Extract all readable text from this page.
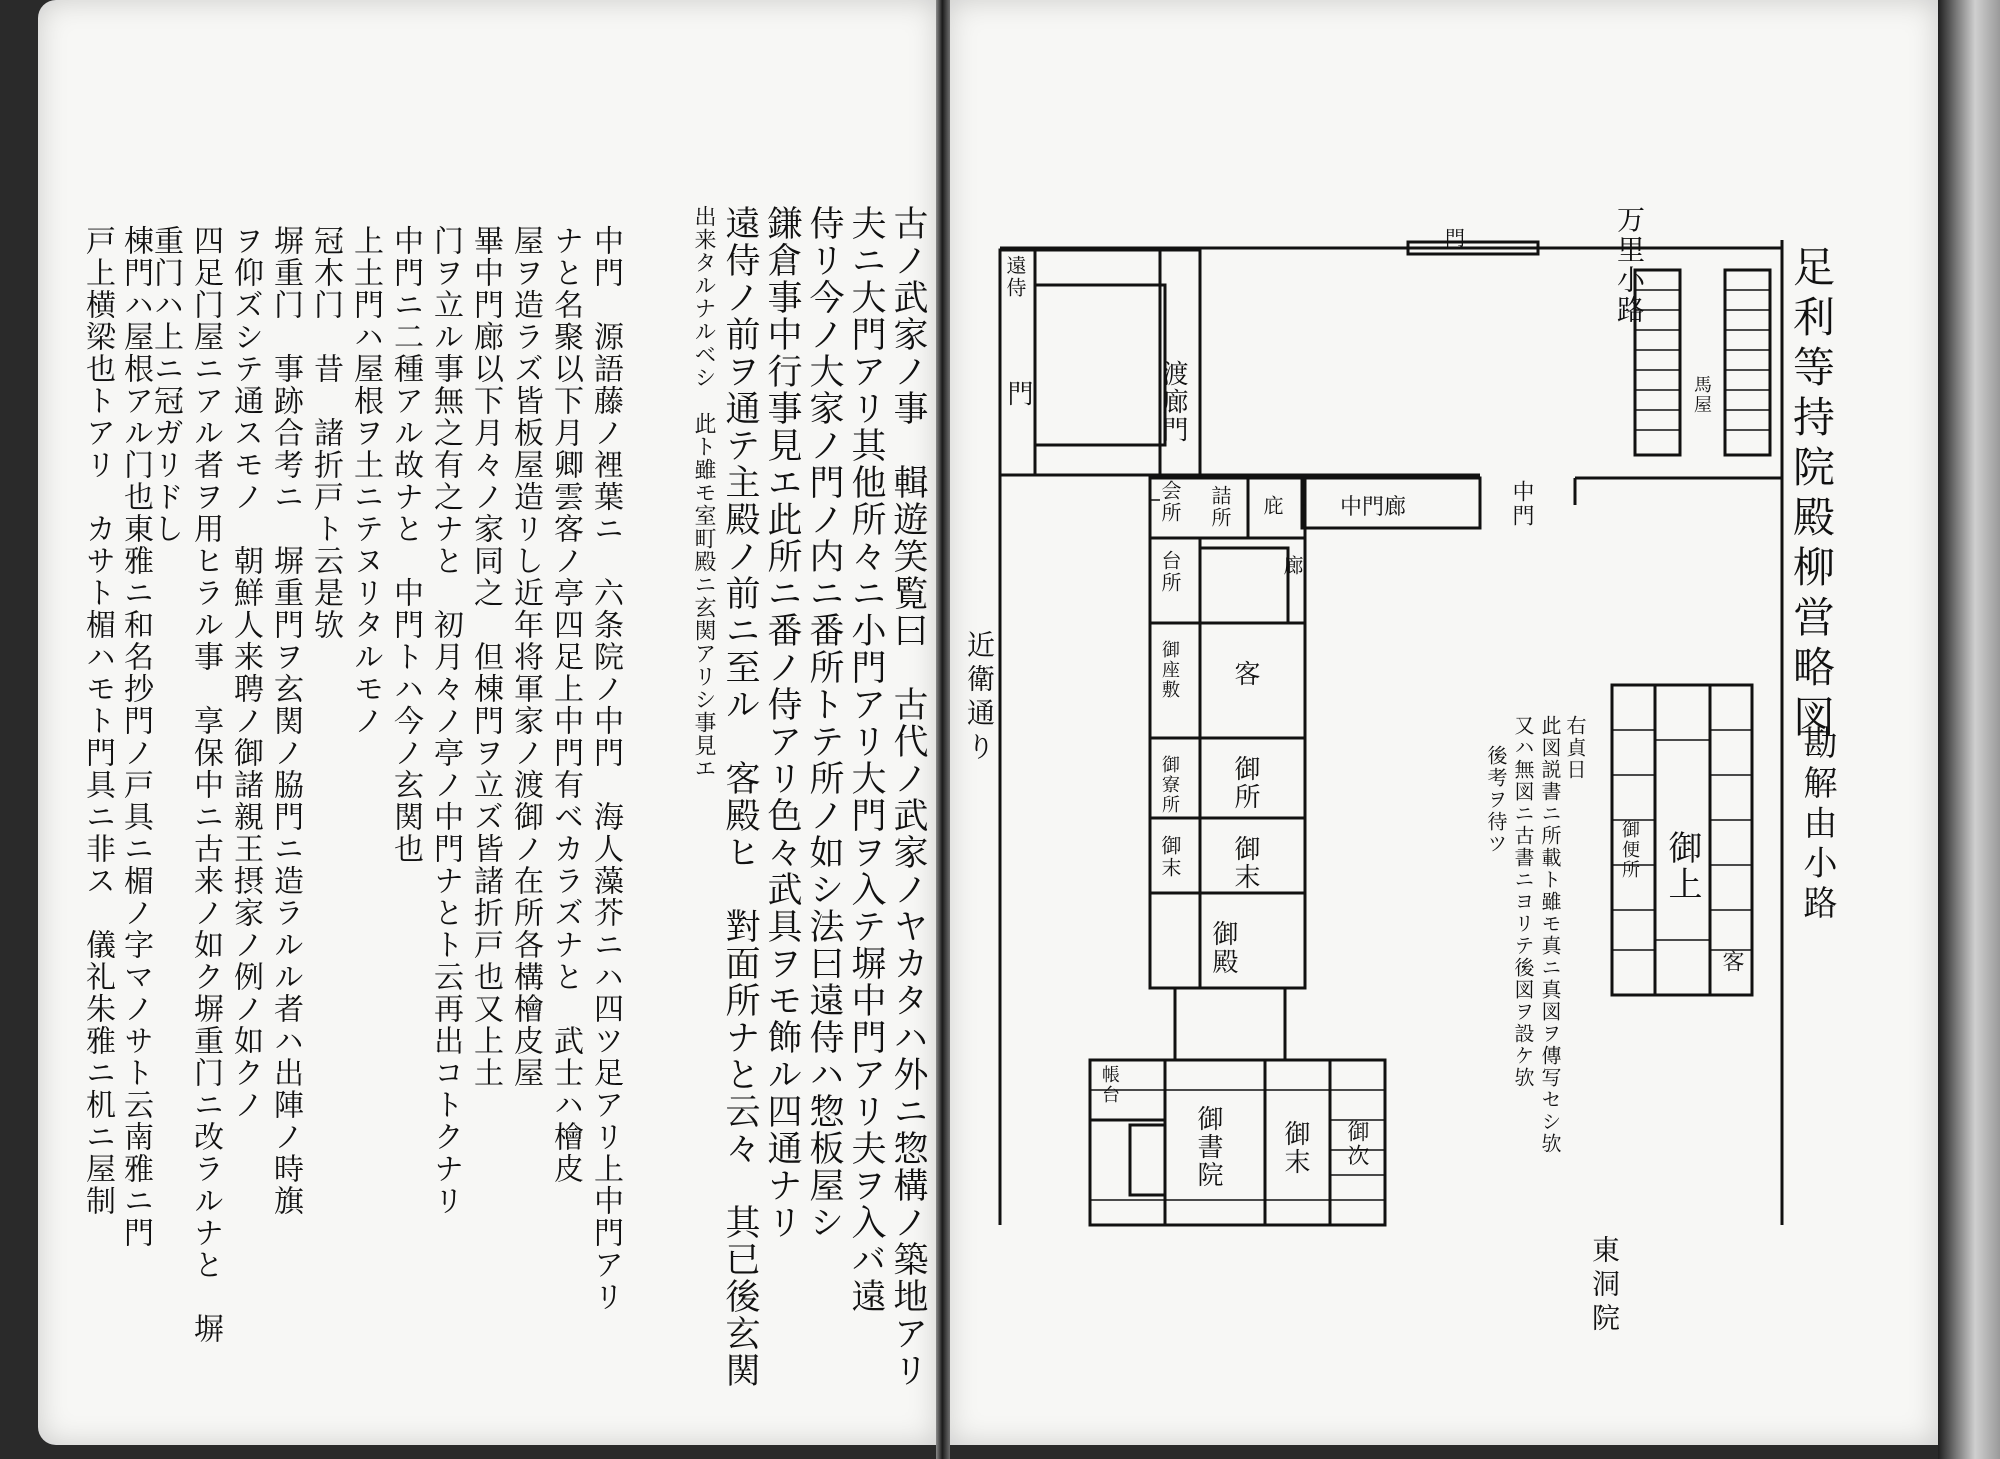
古ノ武家ノ事　輯遊笑覧曰　古代ノ武家ノヤカタハ外ニ惣構ノ築地アリ
夫ニ大門アリ其他所々ニ小門アリ大門ヲ入テ塀中門アリ夫ヲ入バ遠
侍リ今ノ大家ノ門ノ内ニ番所トテ所ノ如シ法曰遠侍ハ惣板屋シ
鎌倉事中行事見エ此所ニ番ノ侍アリ色々武具ヲモ飾ル四通ナリ
遠侍ノ前ヲ通テ主殿ノ前ニ至ル　客殿ヒ　對面所ナと云々　其已後玄関
出来タルナルベシ　此ト雖モ室町殿ニ玄関アリシ事見エ
中門　源語藤ノ裡葉ニ　六条院ノ中門　海人藻芥ニハ四ツ足アリ上中門アリ
ナと名聚以下月卿雲客ノ亭四足上中門有ベカラズナと　武士ハ檜皮
屋ヲ造ラズ皆板屋造リし近年将軍家ノ渡御ノ在所各構檜皮屋
畢中門廊以下月々ノ家同之　但棟門ヲ立ズ皆諸折戸也又上土
门ヲ立ル事無之有之ナと　初月々ノ亭ノ中門ナとト云再出コトクナリ
中門ニ二種アル故ナと　中門トハ今ノ玄関也
上土門ハ屋根ヲ土ニテヌリタルモノ
冠木门　昔　諸折戸ト云是欤
塀重门　事跡合考ニ　塀重門ヲ玄関ノ脇門ニ造ラルル者ハ出陣ノ時旗
ヲ仰ズシテ通スモノ　朝鮮人来聘ノ御諸親王摂家ノ例ノ如クノ
四足门屋ニアル者ヲ用ヒラル事　享保中ニ古来ノ如ク塀重门ニ改ラルナと　塀
重门ハ上ニ冠ガリドし
棟門ハ屋根アル门也東雅ニ和名抄門ノ戸具ニ楣ノ字マノサト云南雅ニ門
戸上横梁也トアリ　カサト楣ハモト門具ニ非ス　儀礼朱雅ニ机ニ屋制	足利等持院殿柳営略図
勘解由小路
万里小路
近衛通り
東洞院
右貞日
此図説書ニ所載ト雖モ真ニ真図ヲ傳写セシ欤
又ハ無図ニ古書ニヨリテ後図ヲ設ケ欤
後考ヲ待ツ
馬屋
渡廊門
門
遠侍
中門廊	中門
門
会所 詰所 庇
廊
台所
御座敷 客
御寮所 御所
御末 御末
御殿
御書院
帳台
御末 御次
御上
御便所
客
